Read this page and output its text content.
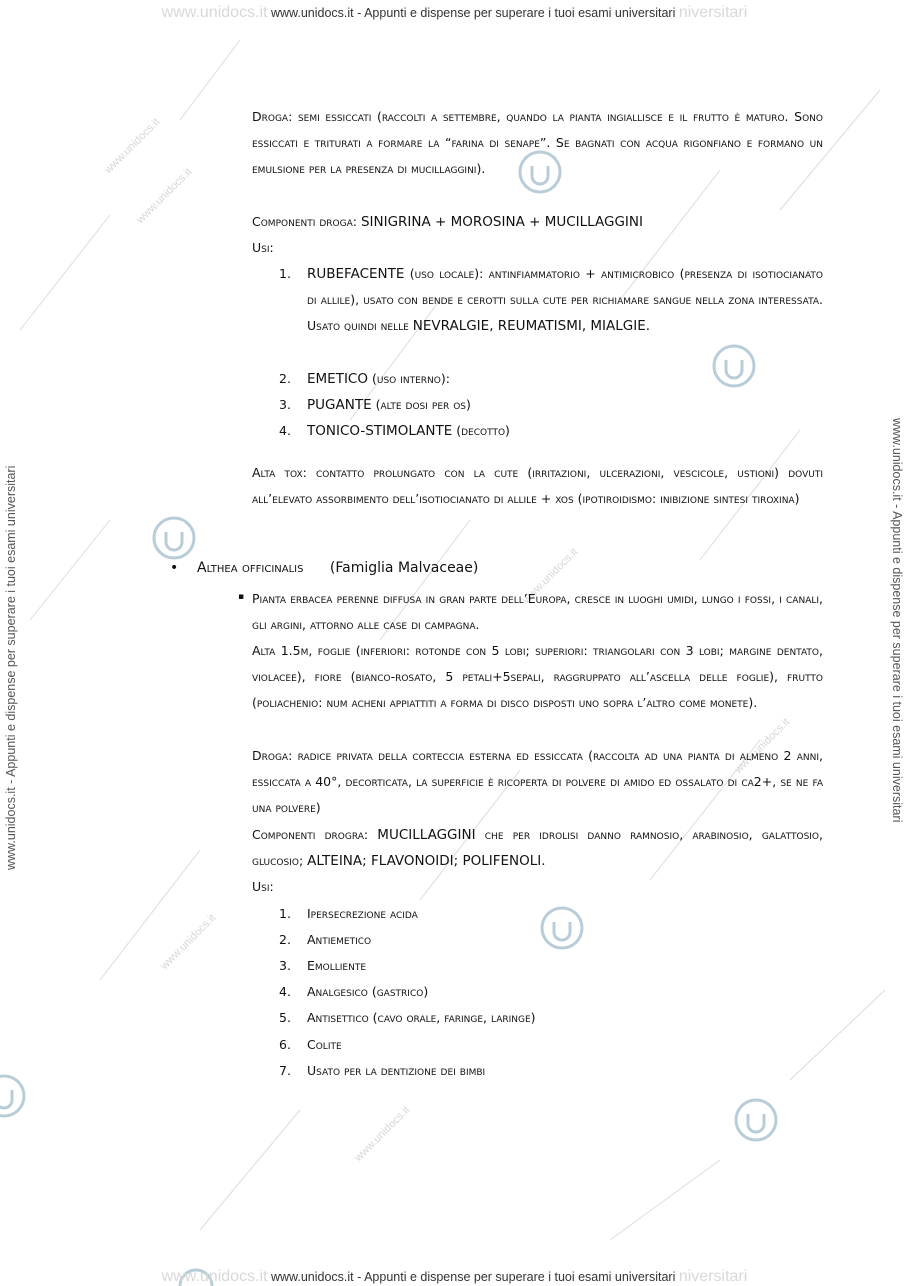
www.unidocs.it
www.unidocs.it
www.unidocs.it
www.unidocs.it
www.unidocs.it
www.unidocs.it
www.unidocs.it www.unidocs.it - Appunti e dispense per superare i tuoi esami universitari niversitari
www.unidocs.it www.unidocs.it - Appunti e dispense per superare i tuoi esami universitari niversitari
www.unidocs.it - Appunti e dispense per superare i tuoi esami universitari	www.unidocs.it - Appunti e dispense per superare i tuoi esami universitari
Droga: semi essiccati (raccolti a settembre, quando la pianta ingiallisce e il frutto è maturo. Sono essiccati e triturati a formare la “farina di senape”. Se bagnati con acqua rigonfiano e formano un emulsione per la presenza di mucillaggini).
Componenti droga: SINIGRINA + MOROSINA + MUCILLAGGINI
Usi:
1. RUBEFACENTE (uso locale): antinfiammatorio + antimicrobico (presenza di isotiocianato di allile), usato con bende e cerotti sulla cute per richiamare sangue nella zona interessata. Usato quindi nelle NEVRALGIE, REUMATISMI, MIALGIE.
2. EMETICO (uso interno):
3. PUGANTE (alte dosi per os)
4. TONICO-STIMOLANTE (decotto)
Alta tox: contatto prolungato con la cute (irritazioni, ulcerazioni, vescicole, ustioni) dovuti all’elevato assorbimento dell’isotiocianato di allile + xos (ipotiroidismo: inibizione sintesi tiroxina)
• Althea officinalis (Famiglia Malvaceae)
▪ Pianta erbacea perenne diffusa in gran parte dell’Europa, cresce in luoghi umidi, lungo i fossi, i canali, gli argini, attorno alle case di campagna.
Alta 1.5m, foglie (inferiori: rotonde con 5 lobi; superiori: triangolari con 3 lobi; margine dentato, violacee), fiore (bianco-rosato, 5 petali+5sepali, raggruppato all’ascella delle foglie), frutto (poliachenio: num acheni appiattiti a forma di disco disposti uno sopra l’altro come monete).
Droga: radice privata della corteccia esterna ed essiccata (raccolta ad una pianta di almeno 2 anni, essiccata a 40°, decorticata, la superficie è ricoperta di polvere di amido ed ossalato di ca2+, se ne fa una polvere)
Componenti drogra: MUCILLAGGINI che per idrolisi danno ramnosio, arabinosio, galattosio, glucosio; ALTEINA; FLAVONOIDI; POLIFENOLI.
Usi:
1. Ipersecrezione acida
2. Antiemetico
3. Emolliente
4. Analgesico (gastrico)
5. Antisettico (cavo orale, faringe, laringe)
6. Colite
7. Usato per la dentizione dei bimbi
